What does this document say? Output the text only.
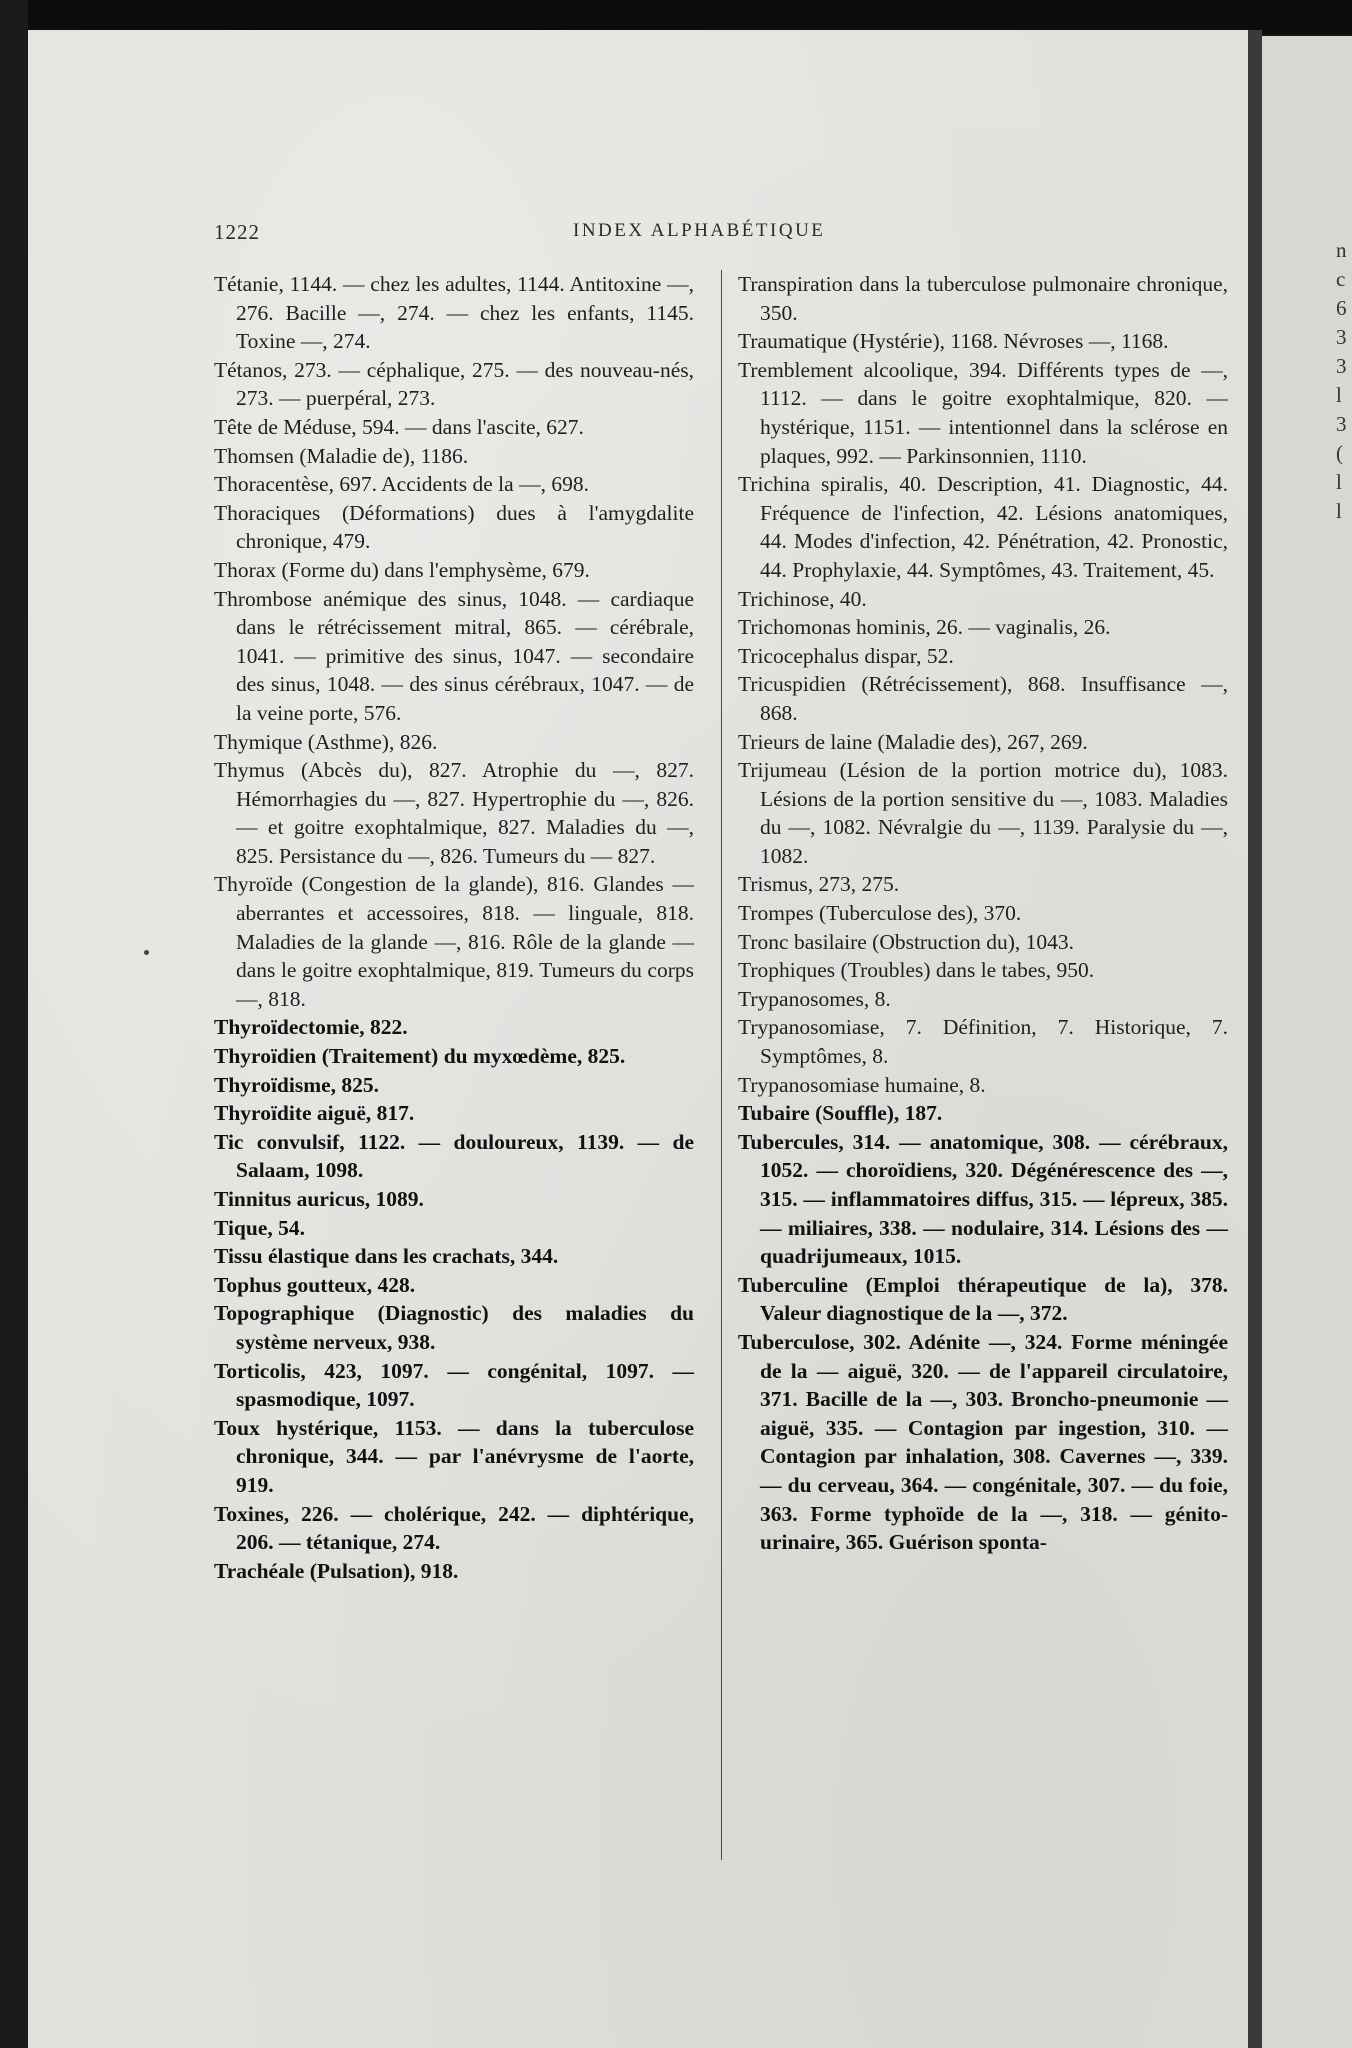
1222	INDEX ALPHABÉTIQUE

Tétanie, 1144. — chez les adultes, 1144. Antitoxine —, 276. Bacille —, 274. — chez les enfants, 1145. Toxine —, 274.

Tétanos, 273. — céphalique, 275. — des nouveau-nés, 273. — puerpéral, 273.

Tête de Méduse, 594. — dans l'ascite, 627.

Thomsen (Maladie de), 1186.

Thoracentèse, 697. Accidents de la —, 698.

Thoraciques (Déformations) dues à l'amygdalite chronique, 479.

Thorax (Forme du) dans l'emphysème, 679.

Thrombose anémique des sinus, 1048. — cardiaque dans le rétrécissement mitral, 865. — cérébrale, 1041. — primitive des sinus, 1047. — secondaire des sinus, 1048. — des sinus cérébraux, 1047. — de la veine porte, 576.

Thymique (Asthme), 826.

Thymus (Abcès du), 827. Atrophie du —, 827. Hémorrhagies du —, 827. Hypertrophie du —, 826. — et goitre exophtalmique, 827. Maladies du —, 825. Persistance du —, 826. Tumeurs du — 827.

Thyroïde (Congestion de la glande), 816. Glandes — aberrantes et accessoires, 818. — linguale, 818. Maladies de la glande —, 816. Rôle de la glande — dans le goitre exophtalmique, 819. Tumeurs du corps —, 818.

Thyroïdectomie, 822.

Thyroïdien (Traitement) du myxœdème, 825.

Thyroïdisme, 825.

Thyroïdite aiguë, 817.

Tic convulsif, 1122. — douloureux, 1139. — de Salaam, 1098.

Tinnitus auricus, 1089.

Tique, 54.

Tissu élastique dans les crachats, 344.

Tophus goutteux, 428.

Topographique (Diagnostic) des maladies du système nerveux, 938.

Torticolis, 423, 1097. — congénital, 1097. — spasmodique, 1097.

Toux hystérique, 1153. — dans la tuberculose chronique, 344. — par l'anévrysme de l'aorte, 919.

Toxines, 226. — cholérique, 242. — diphtérique, 206. — tétanique, 274.

Trachéale (Pulsation), 918.

Transpiration dans la tuberculose pulmonaire chronique, 350.

Traumatique (Hystérie), 1168. Névroses —, 1168.

Tremblement alcoolique, 394. Différents types de —, 1112. — dans le goitre exophtalmique, 820. — hystérique, 1151. — intentionnel dans la sclérose en plaques, 992. — Parkinsonnien, 1110.

Trichina spiralis, 40. Description, 41. Diagnostic, 44. Fréquence de l'infection, 42. Lésions anatomiques, 44. Modes d'infection, 42. Pénétration, 42. Pronostic, 44. Prophylaxie, 44. Symptômes, 43. Traitement, 45.

Trichinose, 40.

Trichomonas hominis, 26. — vaginalis, 26.

Tricocephalus dispar, 52.

Tricuspidien (Rétrécissement), 868. Insuffisance —, 868.

Trieurs de laine (Maladie des), 267, 269.

Trijumeau (Lésion de la portion motrice du), 1083. Lésions de la portion sensitive du —, 1083. Maladies du —, 1082. Névralgie du —, 1139. Paralysie du —, 1082.

Trismus, 273, 275.

Trompes (Tuberculose des), 370.

Tronc basilaire (Obstruction du), 1043.

Trophiques (Troubles) dans le tabes, 950.

Trypanosomes, 8.

Trypanosomiase, 7. Définition, 7. Historique, 7. Symptômes, 8.

Trypanosomiase humaine, 8.

Tubaire (Souffle), 187.

Tubercules, 314. — anatomique, 308. — cérébraux, 1052. — choroïdiens, 320. Dégénérescence des —, 315. — inflammatoires diffus, 315. — lépreux, 385. — miliaires, 338. — nodulaire, 314. Lésions des — quadrijumeaux, 1015.

Tuberculine (Emploi thérapeutique de la), 378. Valeur diagnostique de la —, 372.

Tuberculose, 302. Adénite —, 324. Forme méningée de la — aiguë, 320. — de l'appareil circulatoire, 371. Bacille de la —, 303. Broncho-pneumonie — aiguë, 335. — Contagion par ingestion, 310. — Contagion par inhalation, 308. Cavernes —, 339. — du cerveau, 364. — congénitale, 307. — du foie, 363. Forme typhoïde de la —, 318. — génito-urinaire, 365. Guérison sponta-

n
c
6
3
3
l
3
(
l
l
